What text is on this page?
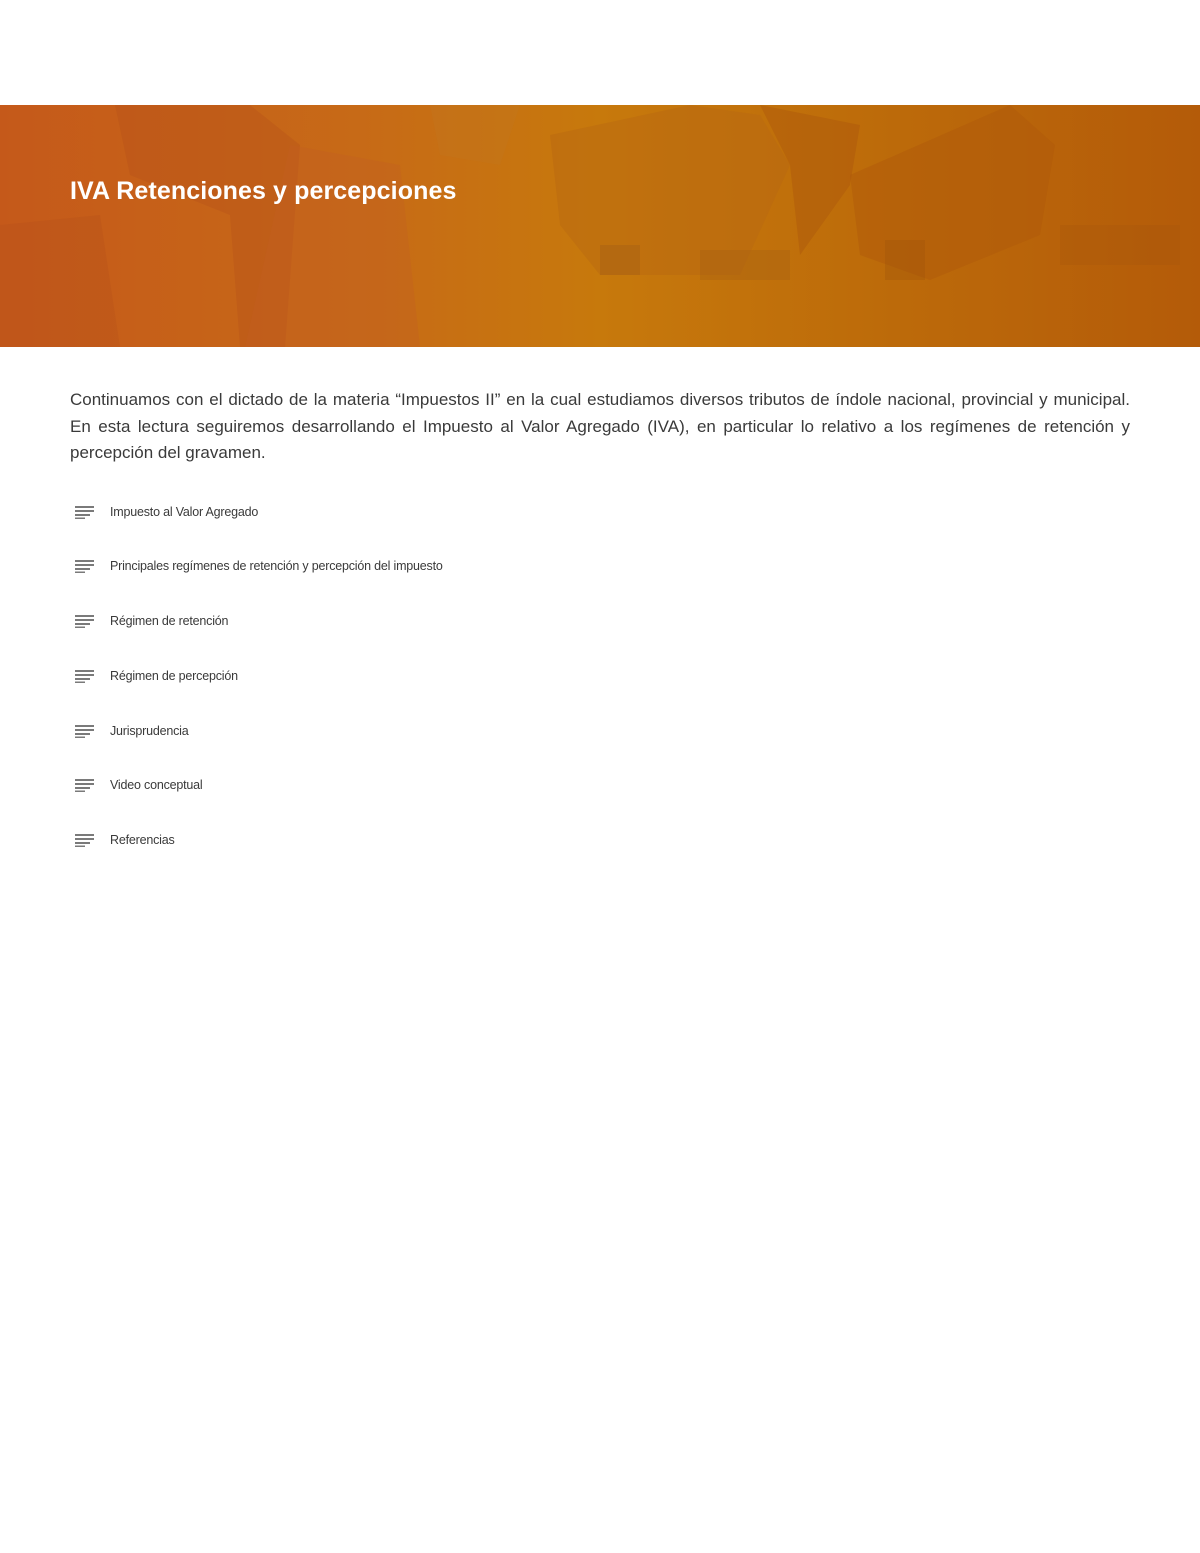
IVA Retenciones y percepciones

Continuamos con el dictado de la materia “Impuestos II” en la cual estudiamos diversos tributos de índole nacional, provincial y municipal. En esta lectura seguiremos desarrollando el Impuesto al Valor Agregado (IVA), en particular lo relativo a los regímenes de retención y percepción del gravamen.

Impuesto al Valor Agregado
Principales regímenes de retención y percepción del impuesto
Régimen de retención
Régimen de percepción
Jurisprudencia
Video conceptual
Referencias
